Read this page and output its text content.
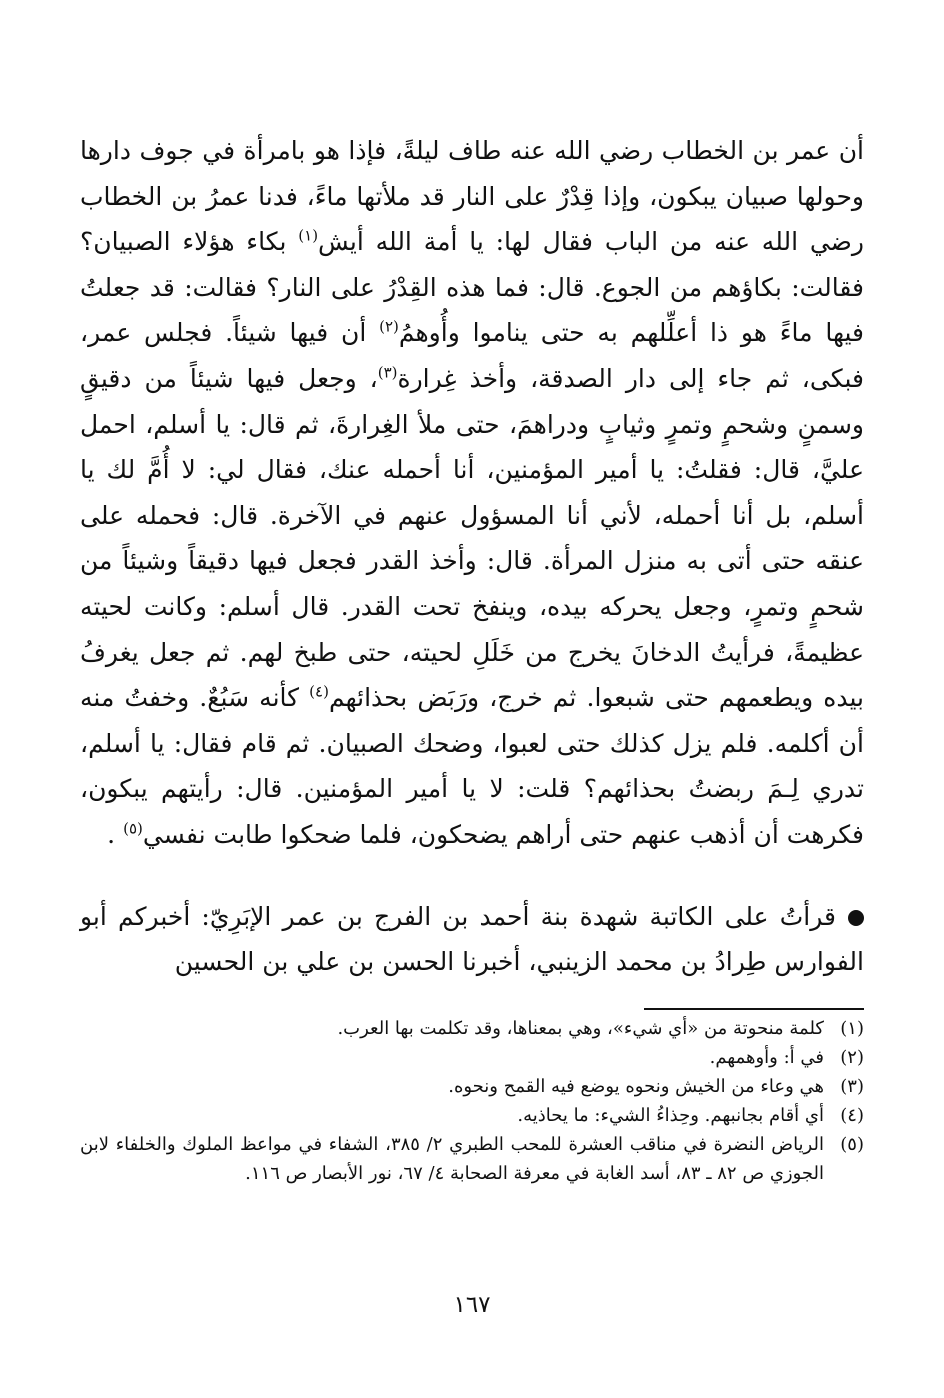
أن عمر بن الخطاب رضي الله عنه طاف ليلةً، فإذا هو بامرأة في جوف دارها وحولها صبيان يبكون، وإذا قِدْرٌ على النار قد ملأتها ماءً، فدنا عمرُ بن الخطاب رضي الله عنه من الباب فقال لها: يا أمة الله أيش$^{(١)}$ بكاء هؤلاء الصبيان؟ فقالت: بكاؤهم من الجوع. قال: فما هذه القِدْرُ على النار؟ فقالت: قد جعلتُ فيها ماءً هو ذا أعلِّلهم به حتى يناموا وأُوهمُ$^{(٢)}$ أن فيها شيئاً. فجلس عمر، فبكى، ثم جاء إلى دار الصدقة، وأخذ غِرارة$^{(٣)}$، وجعل فيها شيئاً من دقيقٍ وسمنٍ وشحمٍ وتمرٍ وثيابٍ ودراهمَ، حتى ملأ الغِرارةَ، ثم قال: يا أسلم، احمل عليَّ، قال: فقلتُ: يا أمير المؤمنين، أنا أحمله عنك، فقال لي: لا أُمَّ لك يا أسلم، بل أنا أحمله، لأني أنا المسؤول عنهم في الآخرة. قال: فحمله على عنقه حتى أتى به منزل المرأة. قال: وأخذ القدر فجعل فيها دقيقاً وشيئاً من شحمٍ وتمرٍ، وجعل يحركه بيده، وينفخ تحت القدر. قال أسلم: وكانت لحيته عظيمةً، فرأيتُ الدخانَ يخرج من خَلَلِ لحيته، حتى طبخ لهم. ثم جعل يغرفُ بيده ويطعمهم حتى شبعوا. ثم خرج، ورَبَض بحذائهم$^{(٤)}$ كأنه سَبُعٌ. وخفتُ منه أن أكلمه. فلم يزل كذلك حتى لعبوا، وضحك الصبيان. ثم قام فقال: يا أسلم، تدري لِـمَ ربضتُ بحذائهم؟ قلت: لا يا أمير المؤمنين. قال: رأيتهم يبكون، فكرهت أن أذهب عنهم حتى أراهم يضحكون، فلما ضحكوا طابت نفسي$^{(٥)}$ .

قرأتُ على الكاتبة شهدة بنة أحمد بن الفرج بن عمر الإبَرِيّ: أخبركم أبو الفوارس طِرادُ بن محمد الزينبي، أخبرنا الحسن بن علي بن الحسين

(١)
كلمة منحوتة من «أي شيء»، وهي بمعناها، وقد تكلمت بها العرب.
(٢)
في أ: وأوهمهم.
(٣)
هي وعاء من الخيش ونحوه يوضع فيه القمح ونحوه.
(٤)
أي أقام بجانبهم. وحِذاءُ الشيء: ما يحاذيه.
(٥)
الرياض النضرة في مناقب العشرة للمحب الطبري ٢/ ٣٨٥، الشفاء في مواعظ الملوك والخلفاء لابن الجوزي ص ٨٢ ـ ٨٣، أسد الغابة في معرفة الصحابة ٤/ ٦٧، نور الأبصار ص ١١٦.
١٦٧
